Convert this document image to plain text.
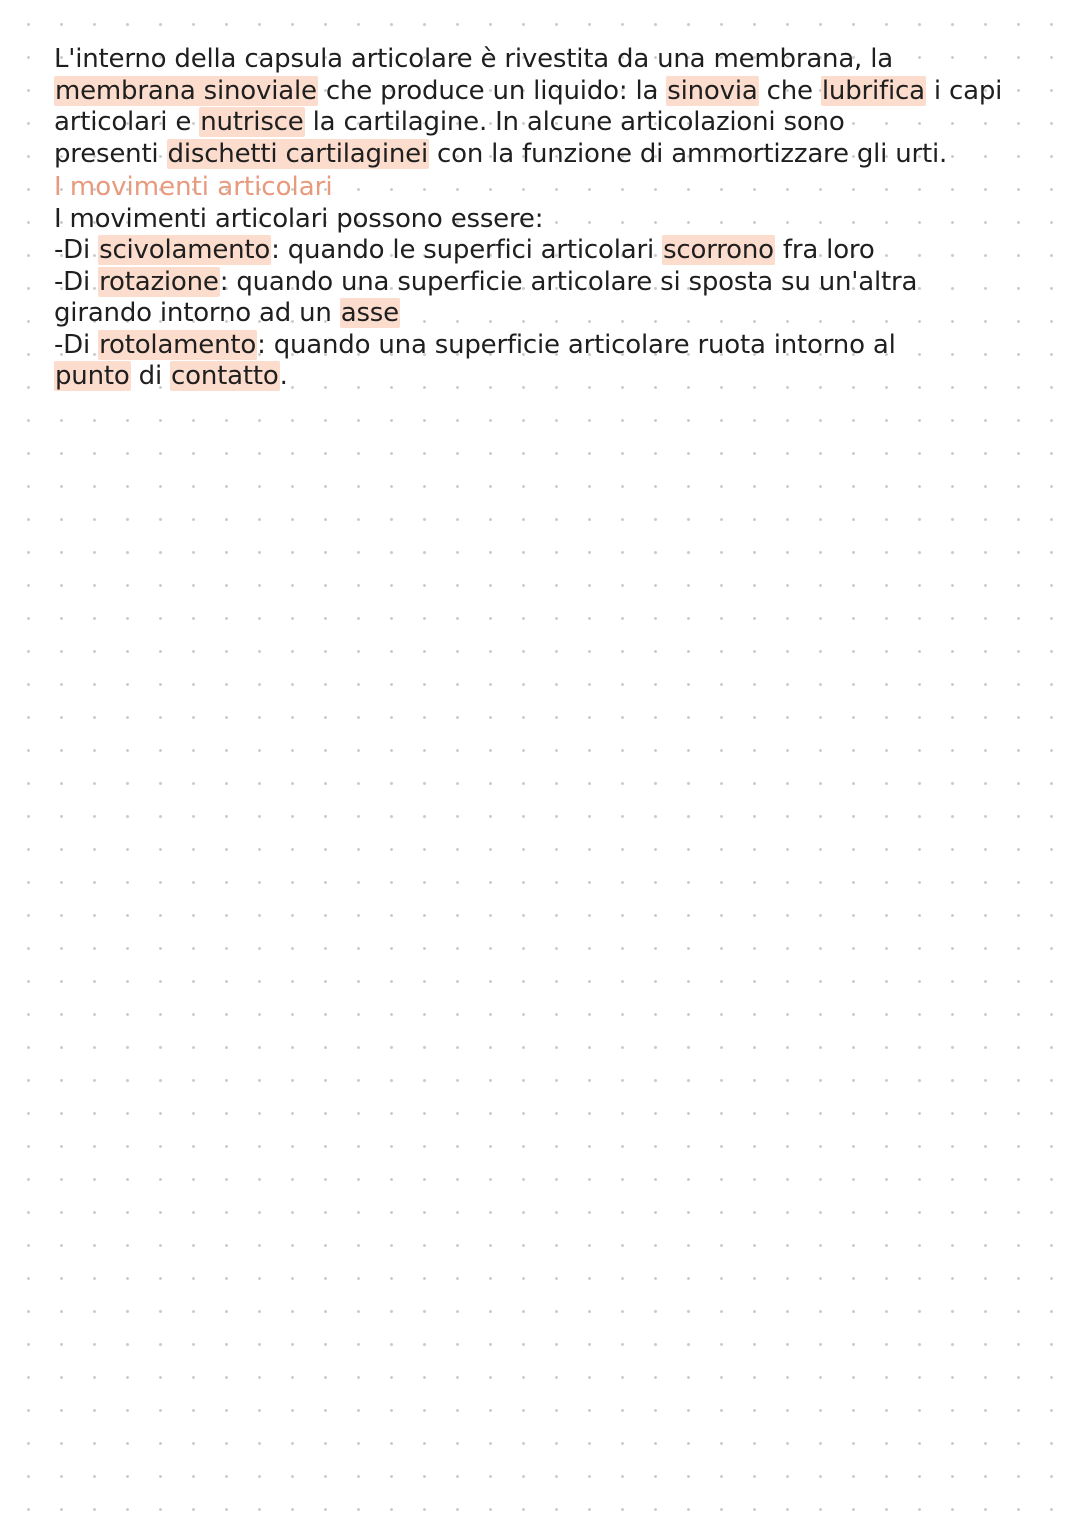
L'interno della capsula articolare è rivestita da una membrana, la
membrana sinoviale che produce un liquido: la sinovia che lubrifica i capi
articolari e nutrisce la cartilagine. In alcune articolazioni sono
presenti dischetti cartilaginei con la funzione di ammortizzare gli urti.
I movimenti articolari
I movimenti articolari possono essere:
-Di scivolamento: quando le superfici articolari scorrono fra loro
-Di rotazione: quando una superficie articolare si sposta su un'altra
girando intorno ad un asse
-Di rotolamento: quando una superficie articolare ruota intorno al
punto di contatto.
